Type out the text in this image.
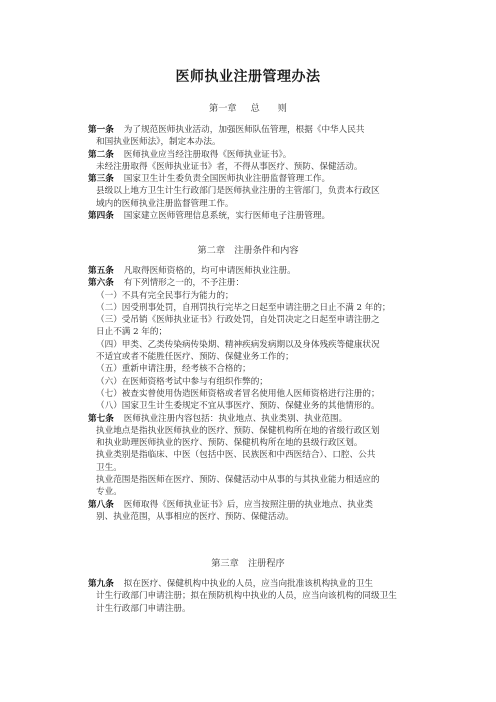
医师执业注册管理办法
第一章 总 则
第一条 为了规范医师执业活动，加强医师队伍管理，根据《中华人民共
和国执业医师法》，制定本办法。
第二条 医师执业应当经注册取得《医师执业证书》。
未经注册取得《医师执业证书》者，不得从事医疗、预防、保健活动。
第三条 国家卫生计生委负责全国医师执业注册监督管理工作。
县级以上地方卫生计生行政部门是医师执业注册的主管部门，负责本行政区
域内的医师执业注册监督管理工作。
第四条 国家建立医师管理信息系统，实行医师电子注册管理。
第二章　注册条件和内容
第五条 凡取得医师资格的，均可申请医师执业注册。
第六条 有下列情形之一的，不予注册：
（一）不具有完全民事行为能力的；
（二）因受刑事处罚，自刑罚执行完毕之日起至申请注册之日止不满 2 年的；
（三）受吊销《医师执业证书》行政处罚，自处罚决定之日起至申请注册之
日止不满 2 年的；
（四）甲类、乙类传染病传染期、精神疾病发病期以及身体残疾等健康状况
不适宜或者不能胜任医疗、预防、保健业务工作的；
（五）重新申请注册，经考核不合格的；
（六）在医师资格考试中参与有组织作弊的；
（七）被查实曾使用伪造医师资格或者冒名使用他人医师资格进行注册的；
（八）国家卫生计生委规定不宜从事医疗、预防、保健业务的其他情形的。
第七条 医师执业注册内容包括：执业地点、执业类别、执业范围。
执业地点是指执业医师执业的医疗、预防、保健机构所在地的省级行政区划
和执业助理医师执业的医疗、预防、保健机构所在地的县级行政区划。
执业类别是指临床、中医（包括中医、民族医和中西医结合）、口腔、公共
卫生。
执业范围是指医师在医疗、预防、保健活动中从事的与其执业能力相适应的
专业。
第八条 医师取得《医师执业证书》后，应当按照注册的执业地点、执业类
别、执业范围，从事相应的医疗、预防、保健活动。
第三章　注册程序
第九条 拟在医疗、保健机构中执业的人员，应当向批准该机构执业的卫生
计生行政部门申请注册；拟在预防机构中执业的人员，应当向该机构的同级卫生
计生行政部门申请注册。
